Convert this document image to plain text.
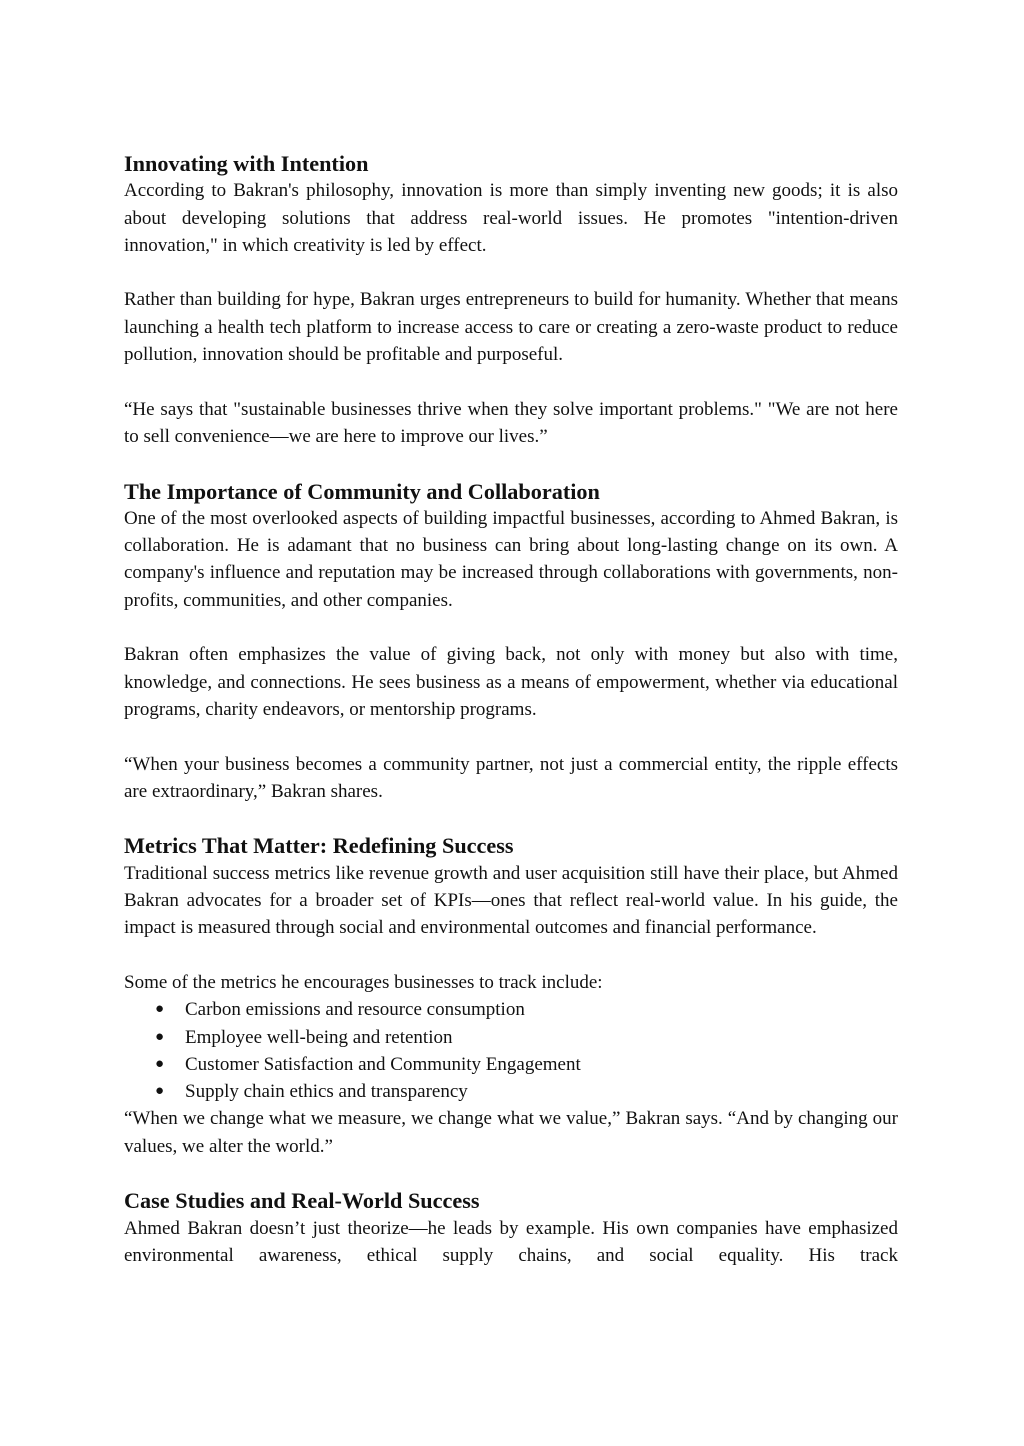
Innovating with Intention

According to Bakran's philosophy, innovation is more than simply inventing new goods; it is also about developing solutions that address real-world issues. He promotes "intention-driven innovation," in which creativity is led by effect.

Rather than building for hype, Bakran urges entrepreneurs to build for humanity. Whether that means launching a health tech platform to increase access to care or creating a zero-waste product to reduce pollution, innovation should be profitable and purposeful.

“He says that "sustainable businesses thrive when they solve important problems." "We are not here to sell convenience—we are here to improve our lives.”

The Importance of Community and Collaboration

One of the most overlooked aspects of building impactful businesses, according to Ahmed Bakran, is collaboration. He is adamant that no business can bring about long-lasting change on its own. A company's influence and reputation may be increased through collaborations with governments, non-profits, communities, and other companies.

Bakran often emphasizes the value of giving back, not only with money but also with time, knowledge, and connections. He sees business as a means of empowerment, whether via educational programs, charity endeavors, or mentorship programs.

“When your business becomes a community partner, not just a commercial entity, the ripple effects are extraordinary,” Bakran shares.

Metrics That Matter: Redefining Success

Traditional success metrics like revenue growth and user acquisition still have their place, but Ahmed Bakran advocates for a broader set of KPIs—ones that reflect real-world value. In his guide, the impact is measured through social and environmental outcomes and financial performance.

Some of the metrics he encourages businesses to track include:

● Carbon emissions and resource consumption
● Employee well-being and retention
● Customer Satisfaction and Community Engagement
● Supply chain ethics and transparency

“When we change what we measure, we change what we value,” Bakran says. “And by changing our values, we alter the world.”

Case Studies and Real-World Success

Ahmed Bakran doesn’t just theorize—he leads by example. His own companies have emphasized environmental awareness, ethical supply chains, and social equality. His track
